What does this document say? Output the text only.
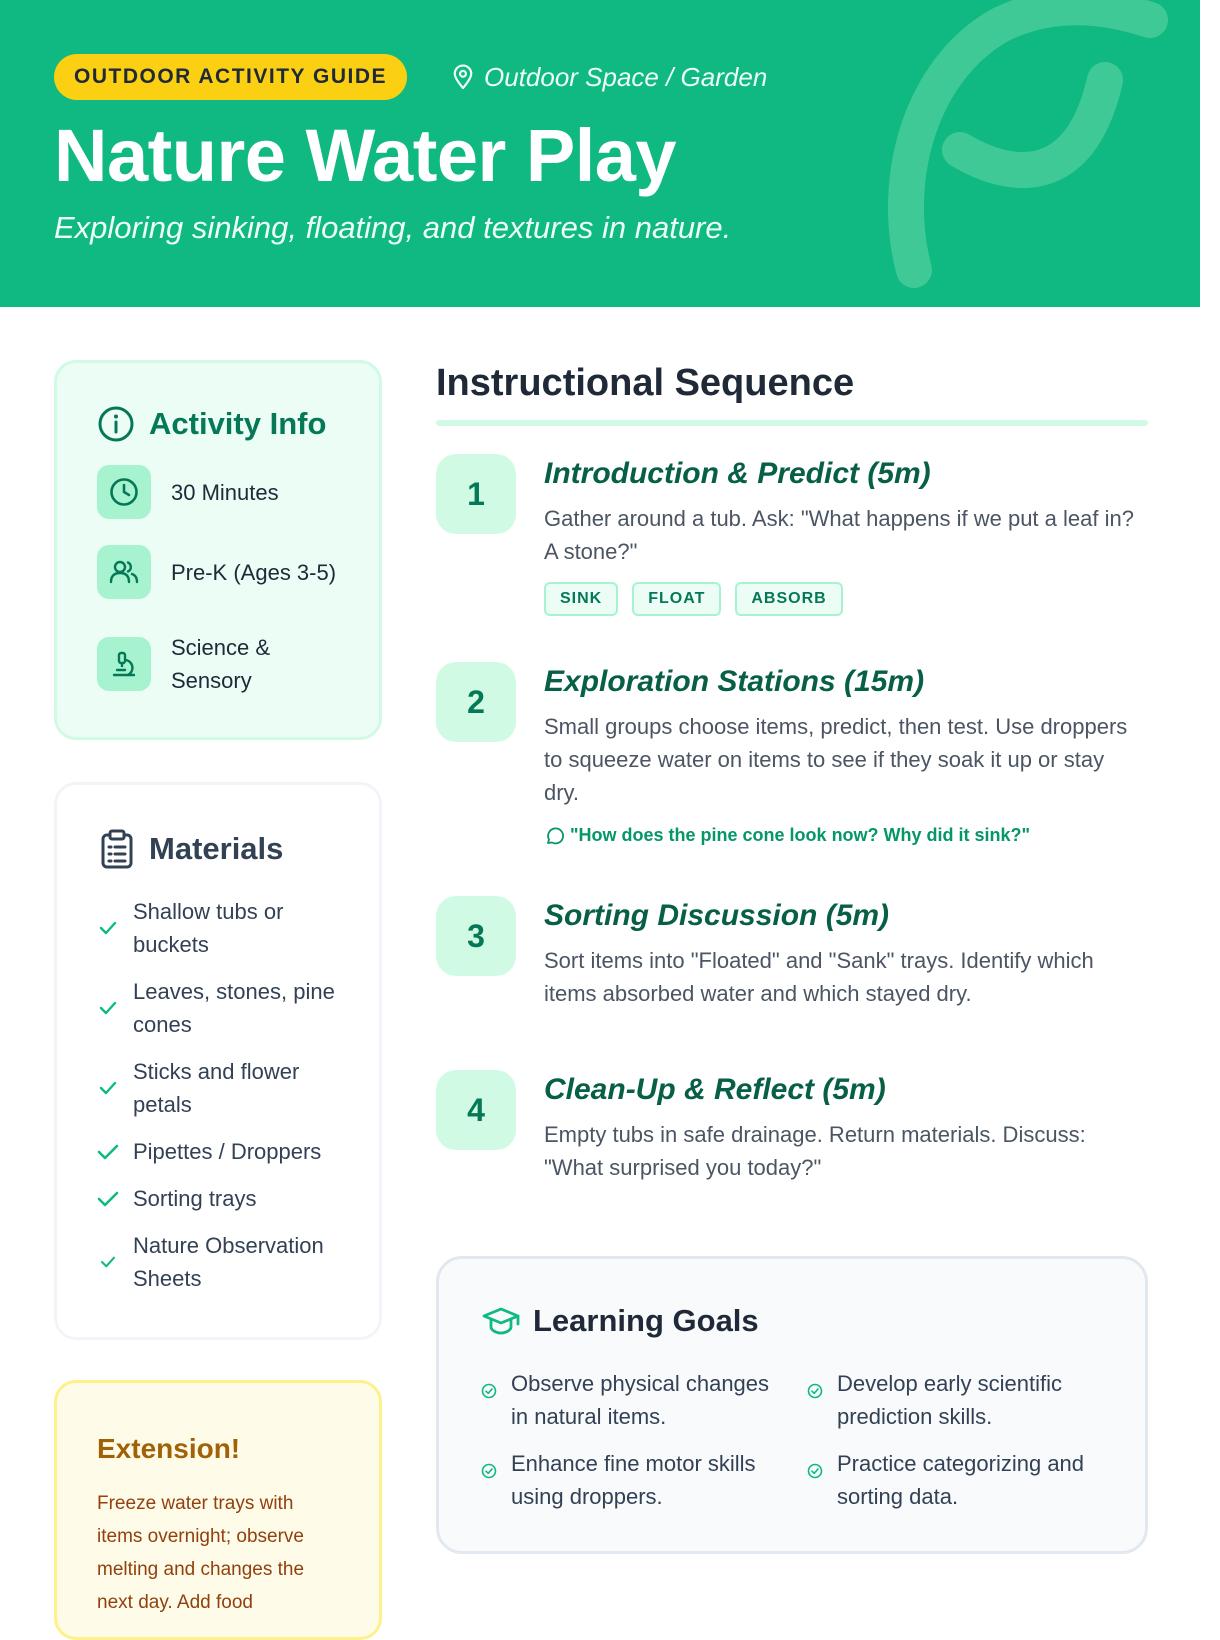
OUTDOOR ACTIVITY GUIDE	Outdoor Space / Garden
Nature Water Play
Exploring sinking, floating, and textures in nature.
Activity Info
30 Minutes
Pre-K (Ages 3-5)
Science & Sensory
Materials
Shallow tubs or buckets
Leaves, stones, pine cones
Sticks and flower petals
Pipettes / Droppers
Sorting trays
Nature Observation Sheets
Extension!
Freeze water trays with items overnight; observe melting and changes the next day. Add food
Instructional Sequence
1
Introduction & Predict (5m)
Gather around a tub. Ask: "What happens if we put a leaf in? A stone?"
SINK	FLOAT	ABSORB
2
Exploration Stations (15m)
Small groups choose items, predict, then test. Use droppers to squeeze water on items to see if they soak it up or stay dry.
"How does the pine cone look now? Why did it sink?"
3
Sorting Discussion (5m)
Sort items into "Floated" and "Sank" trays. Identify which items absorbed water and which stayed dry.
4
Clean-Up & Reflect (5m)
Empty tubs in safe drainage. Return materials. Discuss: "What surprised you today?"
Learning Goals
Observe physical changes in natural items.
Develop early scientific prediction skills.
Enhance fine motor skills using droppers.
Practice categorizing and sorting data.
